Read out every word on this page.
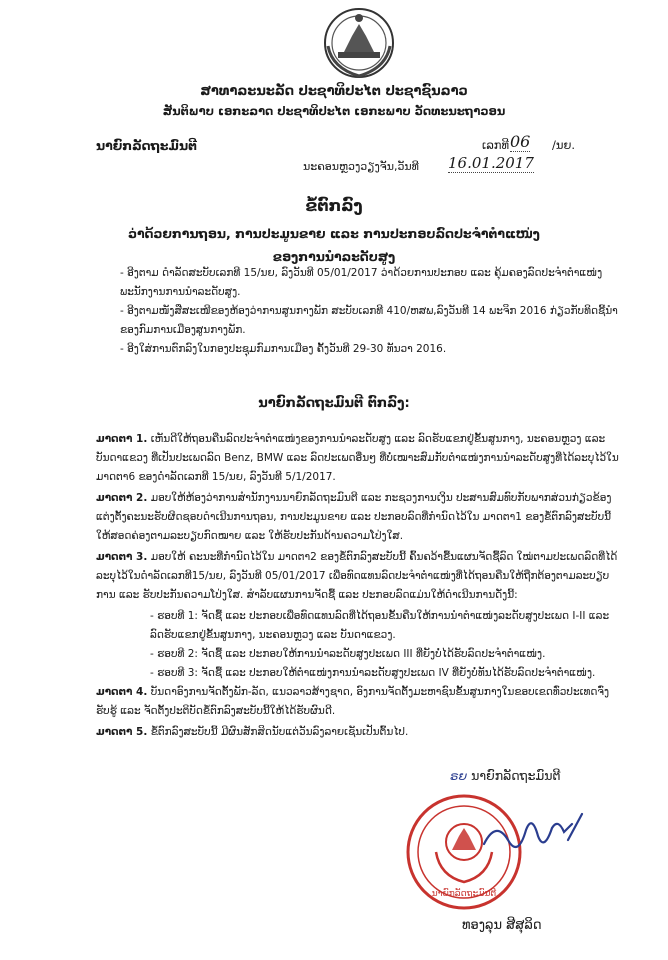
ສາທາລະນະລັດ ປະຊາທິປະໄຕ ປະຊາຊົນລາວ
ສັນຕິພາບ ເອກະລາດ ປະຊາທິປະໄຕ ເອກະພາບ ວັດທະນະຖາວອນ
ນາຍົກລັດຖະມົນຕີ	ເລກທີ 06 /ນຍ.
ນະຄອນຫຼວງວຽງຈັນ,ວັນທີ 16.01.2017
ຂໍ້ຕົກລົງ
ວ່າດ້ວຍການຖອນ, ການປະມູນຂາຍ ແລະ ການປະກອບລົດປະຈຳຕຳແໜ່ງ
ຂອງການນຳລະດັບສູງ
- ອີງຕາມ ດຳລັດສະບັບເລກທີ 15/ນຍ, ລົງວັນທີ 05/01/2017 ວ່າດ້ວຍການປະກອບ ແລະ ຄຸ້ມຄອງລົດປະຈຳຕຳແໜ່ງພະນັກງານການນຳລະດັບສູງ.
- ອີງຕາມໜັງສືສະເໜີຂອງຫ້ອງວ່າການສູນກາງພັກ ສະບັບເລກທີ 410/ຫສພ,ລົງວັນທີ 14 ພະຈິກ 2016 ກ່ຽວກັບທິດຊີ້ນຳຂອງກົມການເມືອງສູນກາງພັກ.
- ອີງໃສ່ການຕົກລົງໃນກອງປະຊຸມກົມການເມືອງ ຄັ້ງວັນທີ 29-30 ທັນວາ 2016.
ນາຍົກລັດຖະມົນຕີ ຕົກລົງ:
ມາດຕາ 1. ເຫັນດີໃຫ້ຖອນຄືນລົດປະຈຳຕຳແໜ່ງຂອງການນຳລະດັບສູງ ແລະ ລົດຮັບແຂກຢູ່ຂັ້ນສູນກາງ, ນະຄອນຫຼວງ ແລະ ບັນດາແຂວງ ທີ່ເປັນປະເພດລົດ Benz, BMW ແລະ ລົດປະເພດອື່ນໆ ທີ່ບໍ່ເໝາະສົມກັບຕຳແໜ່ງການນຳລະດັບສູງທີ່ໄດ້ລະບຸໄວ້ໃນ ມາດຕາ6 ຂອງດຳລັດເລກທີ 15/ນຍ, ລົງວັນທີ 5/1/2017.
ມາດຕາ 2. ມອບໃຫ້ຫ້ອງວ່າການສຳນັກງານນາຍົກລັດຖະມົນຕີ ແລະ ກະຊວງການເງິນ ປະສານສົມທົບກັບພາກສ່ວນກ່ຽວຂ້ອງແຕ່ງຕັ້ງຄະນະຮັບຜິດຊອບດຳເນີນການຖອນ, ການປະມູນຂາຍ ແລະ ປະກອບລົດທີ່ກຳນົດໄວ້ໃນ ມາດຕາ1 ຂອງຂໍ້ຕົກລົງສະບັບນີ້ ໃຫ້ສອດຄ່ອງຕາມລະບຽບກົດໝາຍ ແລະ ໃຫ້ຮັບປະກັນດ້ານຄວາມໂປ່ງໃສ.
ມາດຕາ 3. ມອບໃຫ້ ຄະນະທີ່ກຳນົດໄວ້ໃນ ມາດຕາ2 ຂອງຂໍ້ຕົກລົງສະບັບນີ້ ຄົ້ນຄວ້າຂື້ນແຜນຈັດຊື້ລົດ ໃໝ່ຕາມປະເພດລົດທີ່ໄດ້ລະບຸໄວ້ໃນດຳລັດເລກທີ15/ນຍ, ລົງວັນທີ 05/01/2017 ເພື່ອທົດແທນລົດປະຈຳຕຳແໜ່ງທີ່ໄດ້ຖອນຄືນໃຫ້ຖືກຕ້ອງຕາມລະບຽບການ ແລະ ຮັບປະກັນຄວາມໂປ່ງໃສ. ສຳລັບແຜນການຈັດຊື້ ແລະ ປະກອບລົດແມ່ນໃຫ້ດຳເນີນການດັ່ງນີ້:
- ຮອບທີ 1: ຈັດຊື້ ແລະ ປະກອບເພື່ອທົດແທນລົດທີ່ໄດ້ຖອນຂັ້ນຄືນໃຫ້ການນຳຕຳແໜ່ງລະດັບສູງປະເພດ I-II ແລະ ລົດຮັບແຂກຢູ່ຂັ້ນສູນກາງ, ນະຄອນຫຼວງ ແລະ ບັນດາແຂວງ.
- ຮອບທີ 2: ຈັດຊື້ ແລະ ປະກອບໃຫ້ການນຳລະດັບສູງປະເພດ III ທີ່ຍັງບໍ່ໄດ້ຮັບລົດປະຈຳຕຳແໜ່ງ.
- ຮອບທີ 3: ຈັດຊື້ ແລະ ປະກອບໃຫ້ຕຳແໜ່ງການນຳລະດັບສູງປະເພດ IV ທີ່ຍັງບໍ່ທັນໄດ້ຮັບລົດປະຈຳຕຳແໜ່ງ.
ມາດຕາ 4. ບັນດາອົງການຈັດຕັ້ງພັກ-ລັດ, ແນວລາວສ້າງຊາດ, ອົງການຈັດຕັ້ງມະຫາຊົນຂັ້ນສູນກາງໃນຂອບເຂດທົ່ວປະເທດຈົ່ງຮັບຮູ້ ແລະ ຈັດຕັ້ງປະຕິບັດຂໍ້ຕົກລົງສະບັບນີ້ໃຫ້ໄດ້ຮັບຜົນດີ.
ມາດຕາ 5. ຂໍ້ຕົກລົງສະບັບນີ້ ມີຜົນສັກສິດນັບແຕ່ວັນລົງລາຍເຊັນເປັນຕົ້ນໄປ.
ຣຍ ນາຍົກລັດຖະມົນຕີ
ນາຍົກລັດຖະມົນຕີ
ທອງລຸນ ສີສຸລິດ
